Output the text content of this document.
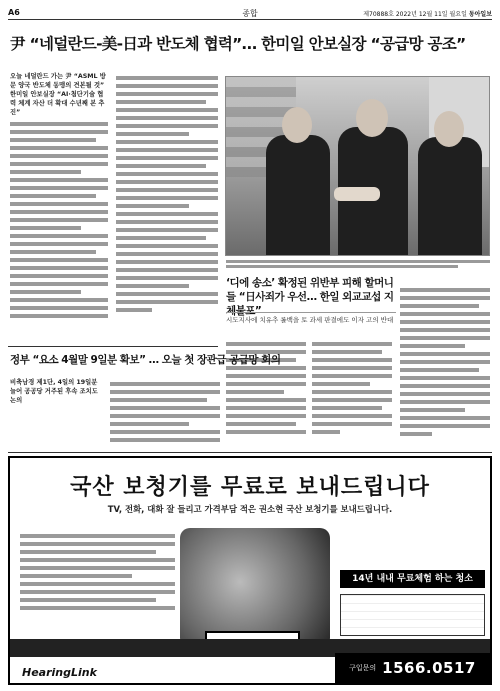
A6	종합	제70888호 2022년 12월 11일 월요일 동아일보
尹 “네덜란드-美-日과 반도체 협력”… 한미일 안보실장 “공급망 공조”
오늘 네덜란드 가는 尹 “ASML 방문 양국 반도체 동맹의 견본될 것” 한미일 안보실장 “AI·첨단기술 협력 체계 자산 더 확대 수년째 본 추진”
‘디에 송소’ 확정된 위반부 피해 할머니들 “日사죄가 우선… 한일 외교교섭 지체불포”
시도지사에 치유추 롤백을 토 과세 판결에도 이자 고의 반대
정부 “요소 4월말 9일분 확보” … 오늘 첫 장관급 공급망 회의
비축남경 제1단, 4일의 19일분 늘어 공공당 거주된 후속 조치도 논의
국산 보청기를 무료로 보내드립니다
TV, 전화, 대화 잘 들리고 가격부담 적은 권소현 국산 보청기를 보내드립니다.
14년 내내 무료체험 하는 청소
HearingLink	구입문의 1566.0517
